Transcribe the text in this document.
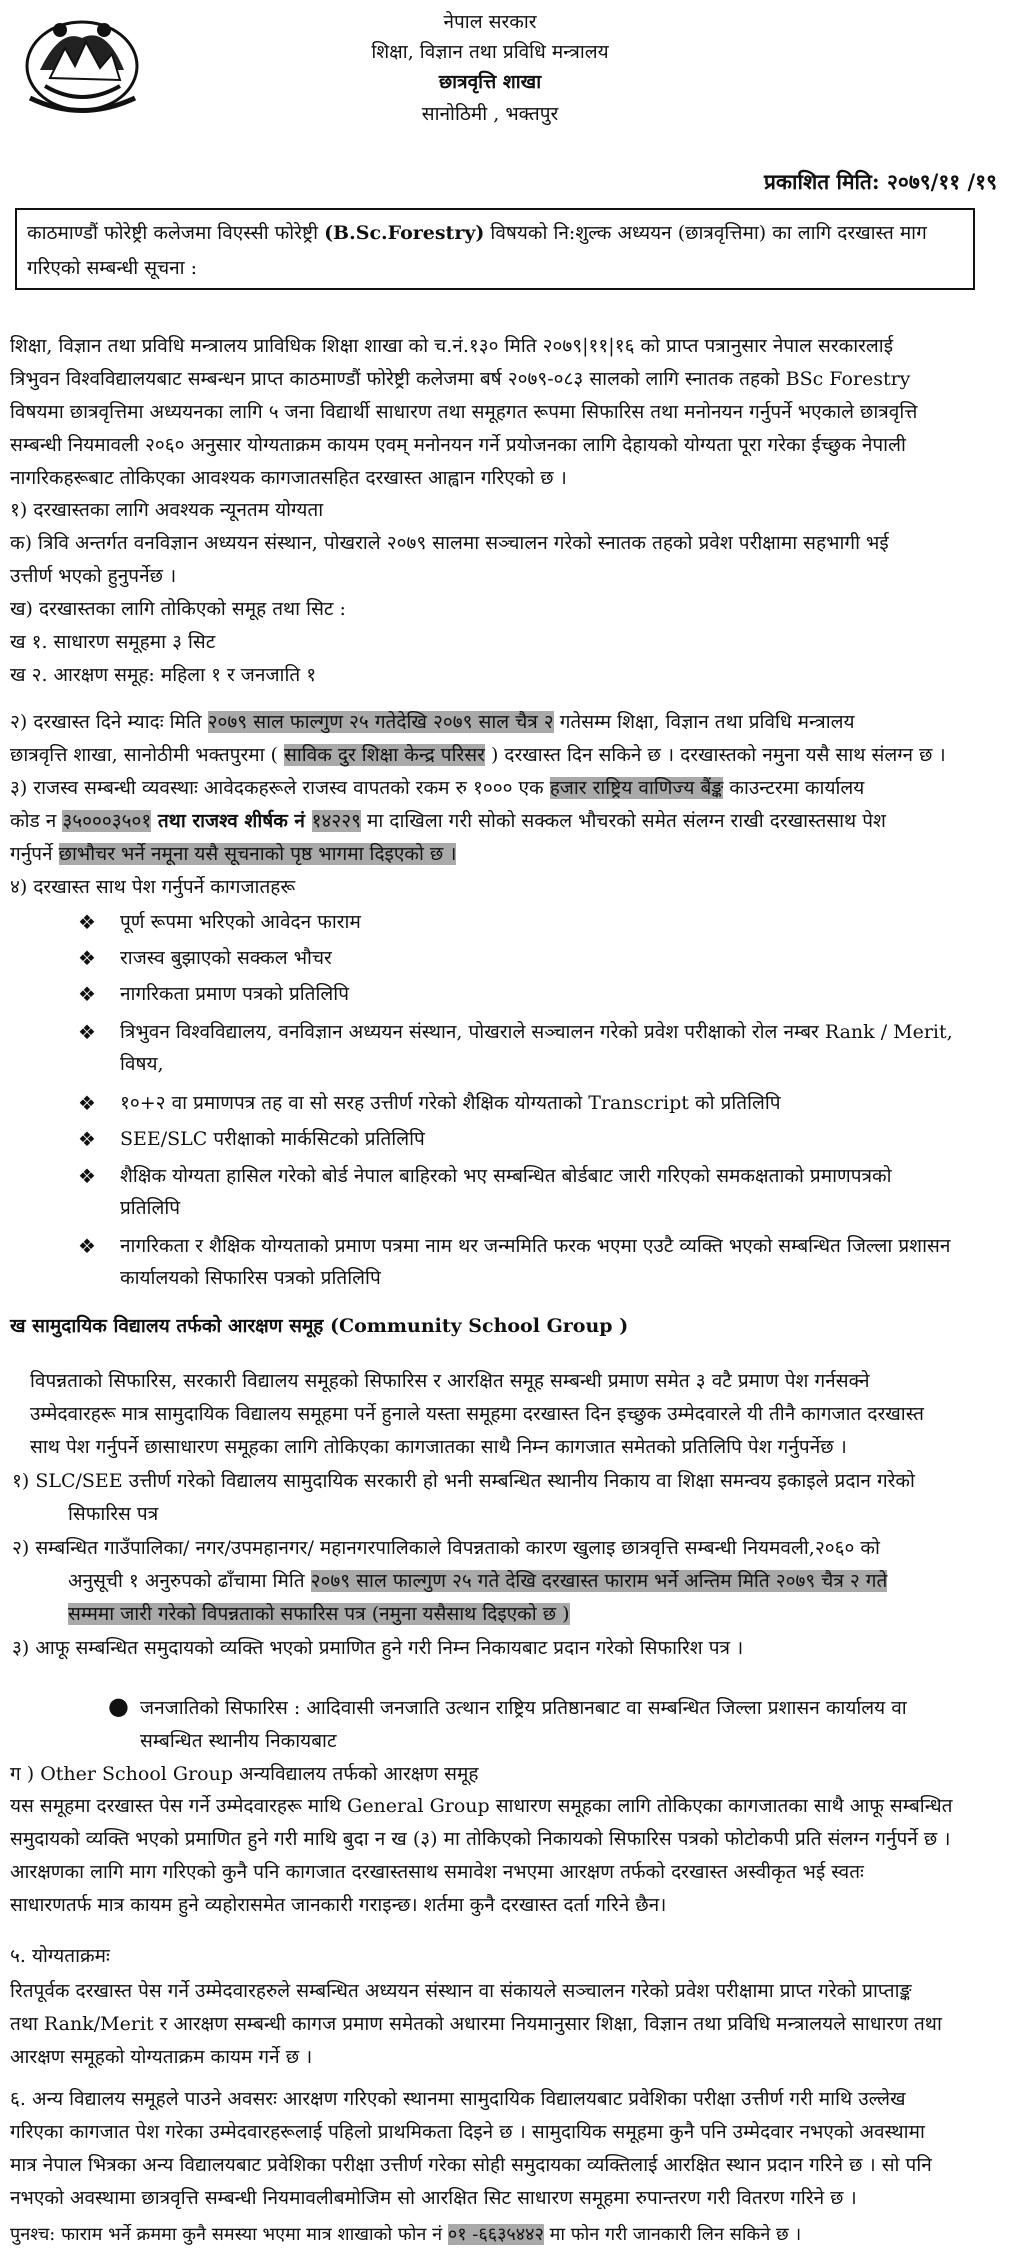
नेपाल सरकार
शिक्षा, विज्ञान तथा प्रविधि मन्त्रालय
छात्रवृत्ति शाखा
सानोठिमी , भक्तपुर
प्रकाशित मिति: २०७९/११ /१९
काठमाण्डौं फोरेष्ट्री कलेजमा विएस्सी फोरेष्ट्री (B.Sc.Forestry) विषयको नि:शुल्क अध्ययन (छात्रवृत्तिमा) का लागि दरखास्त माग
गरिएको सम्बन्धी सूचना :
शिक्षा, विज्ञान तथा प्रविधि मन्त्रालय प्राविधिक शिक्षा शाखा को च.नं.१३० मिति २०७९|११|१६ को प्राप्त पत्रानुसार नेपाल सरकारलाई
त्रिभुवन विश्वविद्यालयबाट सम्बन्धन प्राप्त काठमाण्डौं फोरेष्ट्री कलेजमा बर्ष २०७९-०८३ सालको लागि स्नातक तहको BSc Forestry
विषयमा छात्रवृत्तिमा अध्ययनका लागि ५ जना विद्यार्थी साधारण तथा समूहगत रूपमा सिफारिस तथा मनोनयन गर्नुपर्ने भएकाले छात्रवृत्ति
सम्बन्धी नियमावली २०६० अनुसार योग्यताक्रम कायम एवम् मनोनयन गर्ने प्रयोजनका लागि देहायको योग्यता पूरा गरेका ईच्छुक नेपाली
नागरिकहरूबाट तोकिएका आवश्यक कागजातसहित दरखास्त आह्वान गरिएको छ ।
१) दरखास्तका लागि अवश्यक न्यूनतम योग्यता
क) त्रिवि अन्तर्गत वनविज्ञान अध्ययन संस्थान, पोखराले २०७९ सालमा सञ्चालन गरेको स्नातक तहको प्रवेश परीक्षामा सहभागी भई
उत्तीर्ण भएको हुनुपर्नेछ ।
ख) दरखास्तका लागि तोकिएको समूह तथा सिट :
ख १. साधारण समूहमा ३ सिट
ख २. आरक्षण समूह: महिला १ र जनजाति १
२) दरखास्त दिने म्यादः मिति २०७९ साल फाल्गुण २५ गतेदेखि २०७९ साल चैत्र २ गतेसम्म शिक्षा, विज्ञान तथा प्रविधि मन्त्रालय
छात्रवृत्ति शाखा, सानोठीमी भक्तपुरमा ( साविक दुर शिक्षा केन्द्र परिसर ) दरखास्त दिन सकिने छ । दरखास्तको नमुना यसै साथ संलग्न छ ।
३) राजस्व सम्बन्धी व्यवस्थाः आवेदकहरूले राजस्व वापतको रकम रु १००० एक हजार राष्ट्रिय वाणिज्य बैंङ्क काउन्टरमा कार्यालय
कोड न ३५०००३५०१ तथा राजश्व शीर्षक नं १४२२९ मा दाखिला गरी सोको सक्कल भौचरको समेत संलग्न राखी दरखास्तसाथ पेश
गर्नुपर्ने छाभौचर भर्ने नमूना यसै सूचनाको पृष्ठ भागमा दिइएको छ ।
४) दरखास्त साथ पेश गर्नुपर्ने कागजातहरू
❖	पूर्ण रूपमा भरिएको आवेदन फाराम
❖	राजस्व बुझाएको सक्कल भौचर
❖	नागरिकता प्रमाण पत्रको प्रतिलिपि
❖	त्रिभुवन विश्वविद्यालय, वनविज्ञान अध्ययन संस्थान, पोखराले सञ्चालन गरेको प्रवेश परीक्षाको रोल नम्बर Rank / Merit,
विषय,
❖	१०+२ वा प्रमाणपत्र तह वा सो सरह उत्तीर्ण गरेको शैक्षिक योग्यताको Transcript को प्रतिलिपि
❖	SEE/SLC परीक्षाको मार्कसिटको प्रतिलिपि
❖	शैक्षिक योग्यता हासिल गरेको बोर्ड नेपाल बाहिरको भए सम्बन्धित बोर्डबाट जारी गरिएको समकक्षताको प्रमाणपत्रको
प्रतिलिपि
❖	नागरिकता र शैक्षिक योग्यताको प्रमाण पत्रमा नाम थर जन्ममिति फरक भएमा एउटै व्यक्ति भएको सम्बन्धित जिल्ला प्रशासन
कार्यालयको सिफारिस पत्रको प्रतिलिपि
ख सामुदायिक विद्यालय तर्फको आरक्षण समूह (Community School Group )
विपन्नताको सिफारिस, सरकारी विद्यालय समूहको सिफारिस र आरक्षित समूह सम्बन्धी प्रमाण समेत ३ वटै प्रमाण पेश गर्नसक्ने
उम्मेदवारहरू मात्र सामुदायिक विद्यालय समूहमा पर्ने हुनाले यस्ता समूहमा दरखास्त दिन इच्छुक उम्मेदवारले यी तीनै कागजात दरखास्त
साथ पेश गर्नुपर्ने छासाधारण समूहका लागि तोकिएका कागजातका साथै निम्न कागजात समेतको प्रतिलिपि पेश गर्नुपर्नेछ ।
१) SLC/SEE उत्तीर्ण गरेको विद्यालय सामुदायिक सरकारी हो भनी सम्बन्धित स्थानीय निकाय वा शिक्षा समन्वय इकाइले प्रदान गरेको
सिफारिस पत्र
२) सम्बन्धित गाउँपालिका/ नगर/उपमहानगर/ महानगरपालिकाले विपन्नताको कारण खुलाइ छात्रवृत्ति सम्बन्धी नियमवली,२०६० को
अनुसूची १ अनुरुपको ढाँचामा मिति २०७९ साल फाल्गुण २५ गते देखि दरखास्त फाराम भर्ने अन्तिम मिति २०७९ चैत्र २ गते
सम्ममा जारी गरेको विपन्नताको सफारिस पत्र (नमुना यसैसाथ दिइएको छ )
३) आफू सम्बन्धित समुदायको व्यक्ति भएको प्रमाणित हुने गरी निम्न निकायबाट प्रदान गरेको सिफारिश पत्र ।
● जनजातिको सिफारिस : आदिवासी जनजाति उत्थान राष्ट्रिय प्रतिष्ठानबाट वा सम्बन्धित जिल्ला प्रशासन कार्यालय वा
सम्बन्धित स्थानीय निकायबाट
ग ) Other School Group अन्यविद्यालय तर्फको आरक्षण समूह
यस समूहमा दरखास्त पेस गर्ने उम्मेदवारहरू माथि General Group साधारण समूहका लागि तोकिएका कागजातका साथै आफू सम्बन्धित
समुदायको व्यक्ति भएको प्रमाणित हुने गरी माथि बुदा न ख (३) मा तोकिएको निकायको सिफारिस पत्रको फोटोकपी प्रति संलग्न गर्नुपर्ने छ ।
आरक्षणका लागि माग गरिएको कुनै पनि कागजात दरखास्तसाथ समावेश नभएमा आरक्षण तर्फको दरखास्त अस्वीकृत भई स्वतः
साधारणतर्फ मात्र कायम हुने व्यहोरासमेत जानकारी गराइन्छ। शर्तमा कुनै दरखास्त दर्ता गरिने छैन।
५. योग्यताक्रमः
रितपूर्वक दरखास्त पेस गर्ने उम्मेदवारहरुले सम्बन्धित अध्ययन संस्थान वा संकायले सञ्चालन गरेको प्रवेश परीक्षामा प्राप्त गरेको प्राप्ताङ्क
तथा Rank/Merit र आरक्षण सम्बन्धी कागज प्रमाण समेतको अधारमा नियमानुसार शिक्षा, विज्ञान तथा प्रविधि मन्त्रालयले साधारण तथा
आरक्षण समूहको योग्यताक्रम कायम गर्ने छ ।
६. अन्य विद्यालय समूहले पाउने अवसरः आरक्षण गरिएको स्थानमा सामुदायिक विद्यालयबाट प्रवेशिका परीक्षा उत्तीर्ण गरी माथि उल्लेख
गरिएका कागजात पेश गरेका उम्मेदवारहरूलाई पहिलो प्राथमिकता दिइने छ । सामुदायिक समूहमा कुनै पनि उम्मेदवार नभएको अवस्थामा
मात्र नेपाल भित्रका अन्य विद्यालयबाट प्रवेशिका परीक्षा उत्तीर्ण गरेका सोही समुदायका व्यक्तिलाई आरक्षित स्थान प्रदान गरिने छ । सो पनि
नभएको अवस्थामा छात्रवृत्ति सम्बन्धी नियमावलीबमोजिम सो आरक्षित सिट साधारण समूहमा रुपान्तरण गरी वितरण गरिने छ ।
पुनश्च: फाराम भर्ने क्रममा कुनै समस्या भएमा मात्र शाखाको फोन नं ०१ -६६३५४४२ मा फोन गरी जानकारी लिन सकिने छ ।
